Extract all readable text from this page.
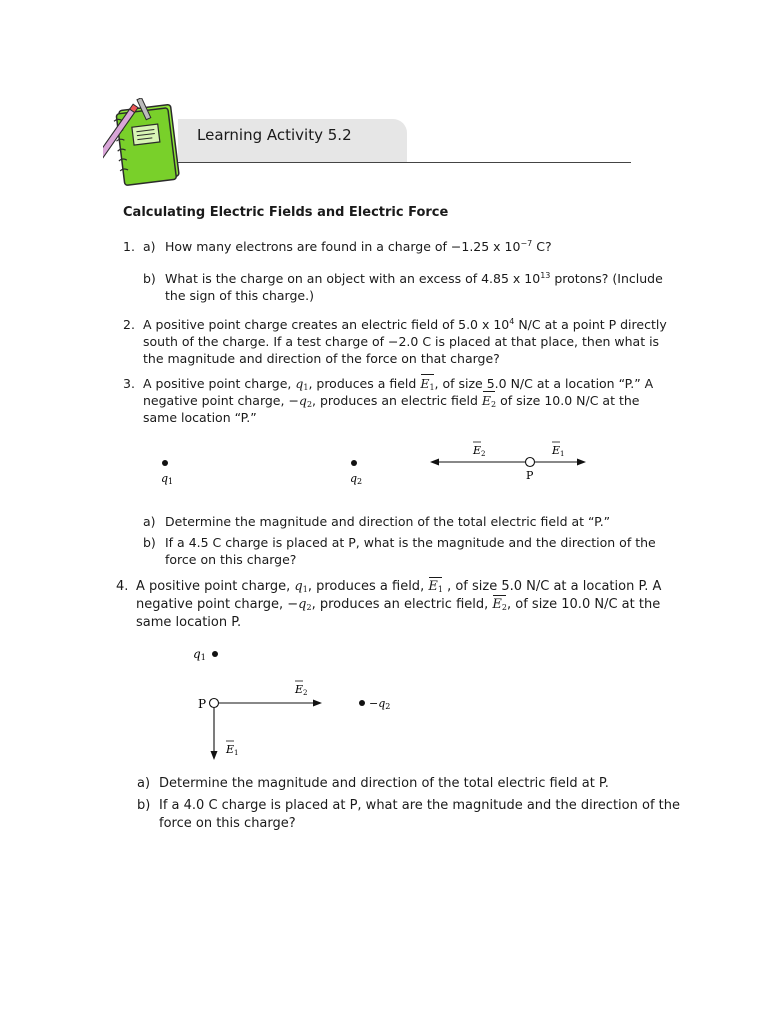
Learning Activity 5.2
Calculating Electric Fields and Electric Force
1. a) How many electrons are found in a charge of −1.25 x $10^{-7}$ C?
b) What is the charge on an object with an excess of 4.85 x $10^{13}$ protons? (Include
the sign of this charge.)
2. A positive point charge creates an electric field of 5.0 x $10^4$ N/C at a point P directly
south of the charge. If a test charge of −2.0 C is placed at that place, then what is
the magnitude and direction of the force on that charge?
3. A positive point charge, $q_1$, produces a field $E_1$, of size 5.0 N/C at a location “P.” A
negative point charge, $-q_2$, produces an electric field $E_2$ of size 10.0 N/C at the
same location “P.”
q1	q2	P
E2	E1
a) Determine the magnitude and direction of the total electric field at “P.”
b) If a 4.5 C charge is placed at P, what is the magnitude and the direction of the
force on this charge?
4. A positive point charge, $q_1$, produces a field, $E_1$ , of size 5.0 N/C at a location P. A
negative point charge, $-q_2$, produces an electric field, $E_2$, of size 10.0 N/C at the
same location P.
q1
P
E2
E1
−q2
a) Determine the magnitude and direction of the total electric field at P.
b) If a 4.0 C charge is placed at P, what are the magnitude and the direction of the
force on this charge?
